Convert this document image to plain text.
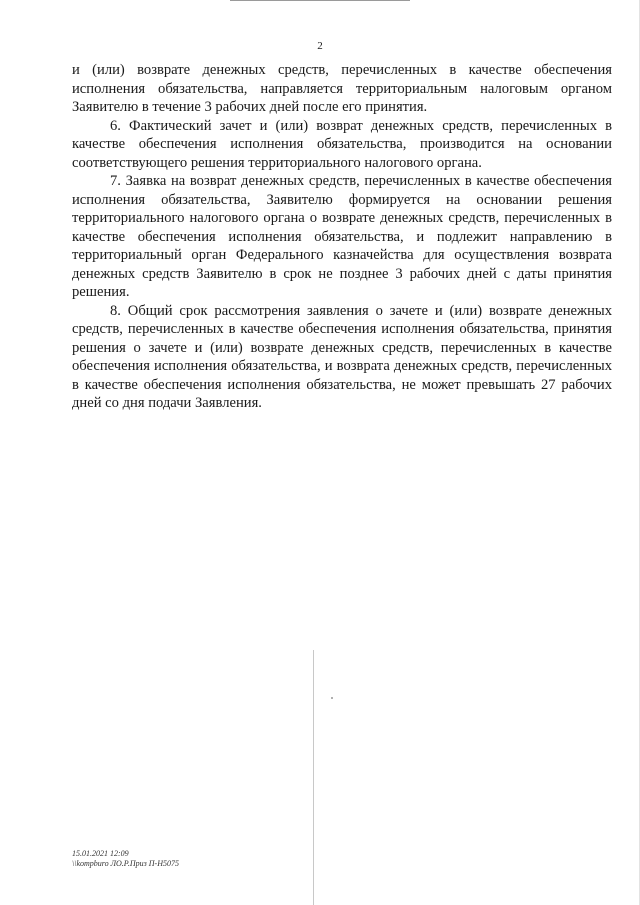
2

и (или) возврате денежных средств, перечисленных в качестве обеспечения исполнения обязательства, направляется территориальным налоговым органом Заявителю в течение 3 рабочих дней после его принятия.

6. Фактический зачет и (или) возврат денежных средств, перечисленных в качестве обеспечения исполнения обязательства, производится на основании соответствующего решения территориального налогового органа.

7. Заявка на возврат денежных средств, перечисленных в качестве обеспечения исполнения обязательства, Заявителю формируется на основании решения территориального налогового органа о возврате денежных средств, перечисленных в качестве обеспечения исполнения обязательства, и подлежит направлению в территориальный орган Федерального казначейства для осуществления возврата денежных средств Заявителю в срок не позднее 3 рабочих дней с даты принятия решения.

8. Общий срок рассмотрения заявления о зачете и (или) возврате денежных средств, перечисленных в качестве обеспечения исполнения обязательства, принятия решения о зачете и (или) возврате денежных средств, перечисленных в качестве обеспечения исполнения обязательства, и возврата денежных средств, перечисленных в качестве обеспечения исполнения обязательства, не может превышать 27 рабочих дней со дня подачи Заявления.

15.01.2021 12:09
\\kompburo ЛО.Р.Приз П-Н5075
